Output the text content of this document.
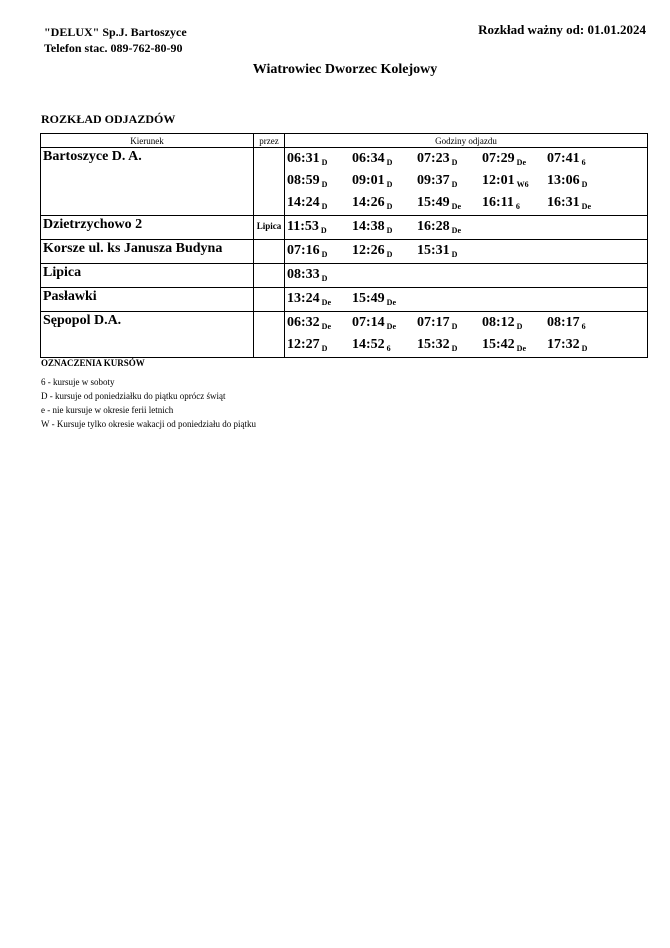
"DELUX" Sp.J. Bartoszyce
Telefon stac. 089-762-80-90
Rozkład ważny od: 01.01.2024
Wiatrowiec Dworzec Kolejowy
ROZKŁAD ODJAZDÓW
Kierunek	przez	Godziny odjazdu
Bartoszyce D. A.		06:31 $_D$ 06:34 $_D$ 07:23 $_D$ 07:29 $_{De}$ 07:41 $_6$
08:59 $_D$ 09:01 $_D$ 09:37 $_D$ 12:01 $_{W6}$ 13:06 $_D$
14:24 $_D$ 14:26 $_D$ 15:49 $_{De}$ 16:11 $_6$ 16:31 $_{De}$

Dzietrzychowo 2	Lipica	11:53 $_D$ 14:38 $_D$ 16:28 $_{De}$

Korsze ul. ks Janusza Budyna		07:16 $_D$ 12:26 $_D$ 15:31 $_D$

Lipica		08:33 $_D$

Pasławki		13:24 $_{De}$ 15:49 $_{De}$

Sępopol D.A.		06:32 $_{De}$ 07:14 $_{De}$ 07:17 $_D$ 08:12 $_D$ 08:17 $_6$
12:27 $_D$ 14:52 $_6$ 15:32 $_D$ 15:42 $_{De}$ 17:32 $_D$
OZNACZENIA KURSÓW
6 - kursuje w soboty
D - kursuje od poniedziałku do piątku oprócz świąt
e - nie kursuje w okresie ferii letnich
W - Kursuje tylko okresie wakacji od poniedziału do piątku
